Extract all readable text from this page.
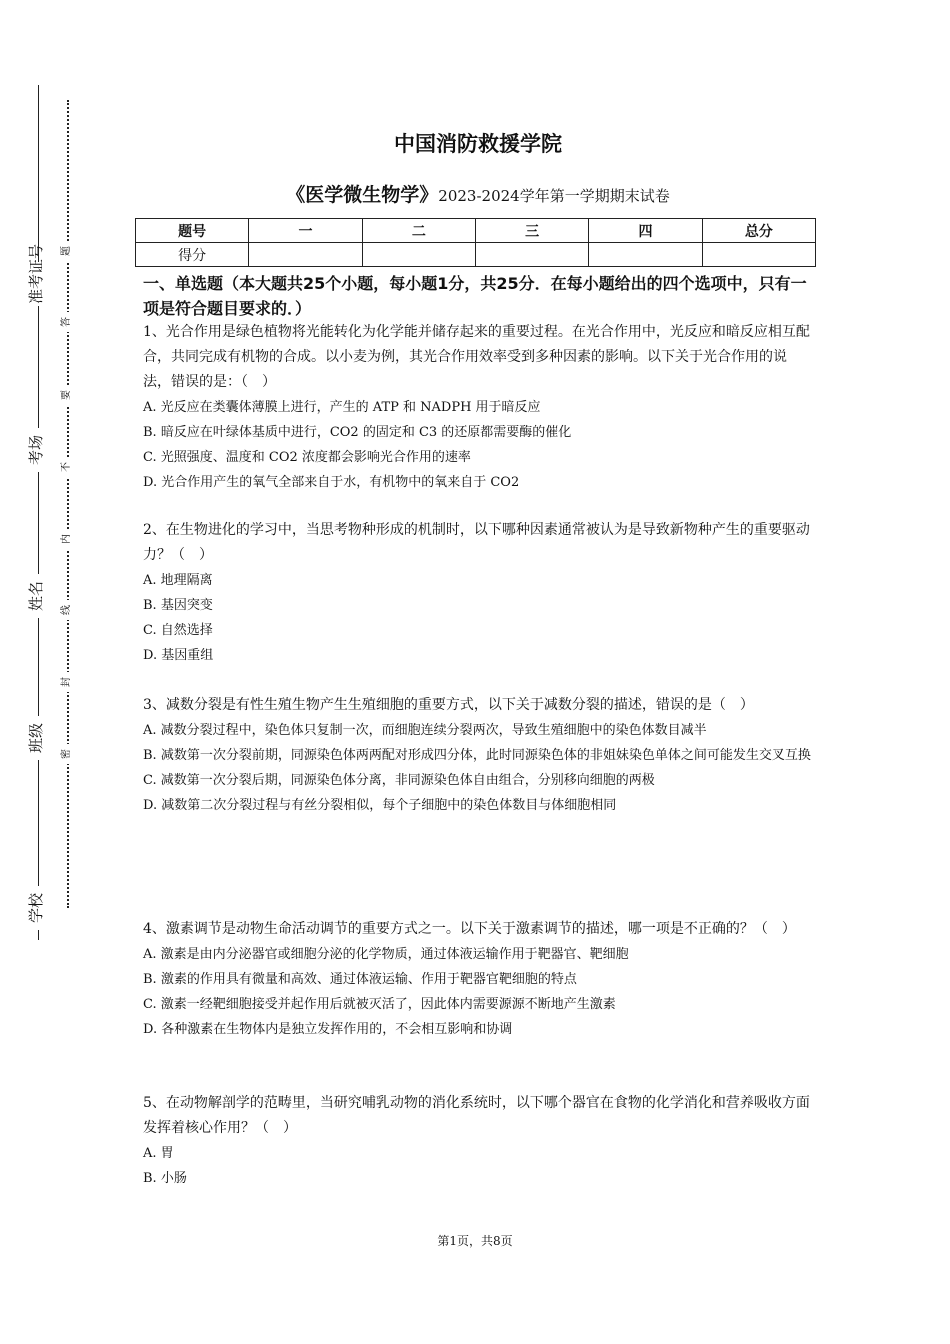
准考证号
考场
姓名
班级
学校
题
答
要
不
内
线
封
密
中国消防救援学院
《医学微生物学》2023-2024学年第一学期期末试卷
题号	一	二	三	四	总分
得分					
一、单选题（本大题共25个小题，每小题1分，共25分．在每小题给出的四个选项中，只有一项是符合题目要求的．）

1、光合作用是绿色植物将光能转化为化学能并储存起来的重要过程。在光合作用中，光反应和暗反应相互配合，共同完成有机物的合成。以小麦为例，其光合作用效率受到多种因素的影响。以下关于光合作用的说法，错误的是：（　）

A. 光反应在类囊体薄膜上进行，产生的 ATP 和 NADPH 用于暗反应

B. 暗反应在叶绿体基质中进行，CO2 的固定和 C3 的还原都需要酶的催化

C. 光照强度、温度和 CO2 浓度都会影响光合作用的速率

D. 光合作用产生的氧气全部来自于水，有机物中的氧来自于 CO2

2、在生物进化的学习中，当思考物种形成的机制时，以下哪种因素通常被认为是导致新物种产生的重要驱动力？（　）

A. 地理隔离

B. 基因突变

C. 自然选择

D. 基因重组

3、减数分裂是有性生殖生物产生生殖细胞的重要方式，以下关于减数分裂的描述，错误的是（　）

A. 减数分裂过程中，染色体只复制一次，而细胞连续分裂两次，导致生殖细胞中的染色体数目减半

B. 减数第一次分裂前期，同源染色体两两配对形成四分体，此时同源染色体的非姐妹染色单体之间可能发生交叉互换

C. 减数第一次分裂后期，同源染色体分离，非同源染色体自由组合，分别移向细胞的两极

D. 减数第二次分裂过程与有丝分裂相似，每个子细胞中的染色体数目与体细胞相同

4、激素调节是动物生命活动调节的重要方式之一。以下关于激素调节的描述，哪一项是不正确的？（　）

A. 激素是由内分泌器官或细胞分泌的化学物质，通过体液运输作用于靶器官、靶细胞

B. 激素的作用具有微量和高效、通过体液运输、作用于靶器官靶细胞的特点

C. 激素一经靶细胞接受并起作用后就被灭活了，因此体内需要源源不断地产生激素

D. 各种激素在生物体内是独立发挥作用的，不会相互影响和协调

5、在动物解剖学的范畴里，当研究哺乳动物的消化系统时，以下哪个器官在食物的化学消化和营养吸收方面发挥着核心作用？（　）

A. 胃

B. 小肠

第1页，共8页
